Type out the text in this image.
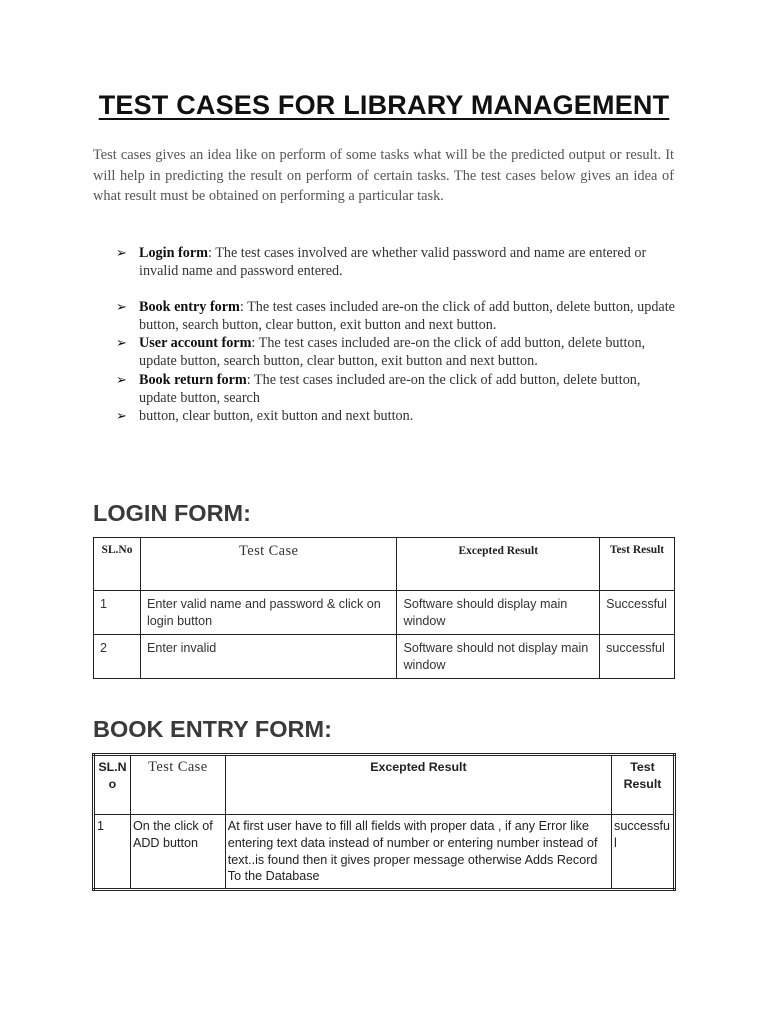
TEST CASES FOR LIBRARY MANAGEMENT

Test cases gives an idea like on perform of some tasks what will be the predicted output or result. It will help in predicting the result on perform of certain tasks. The test cases below gives an idea of what result must be obtained on performing a particular task.

➢ Login form: The test cases involved are whether valid password and name are entered or invalid name and password entered.
➢ Book entry form: The test cases included are-on the click of add button, delete button, update button, search button, clear button, exit button and next button.
➢ User account form: The test cases included are-on the click of add button, delete button, update button, search button, clear button, exit button and next button.
➢ Book return form: The test cases included are-on the click of add button, delete button, update button, search
➢ button, clear button, exit button and next button.
LOGIN FORM:
SL.No	Test Case	Excepted Result	Test Result
1	Enter valid name and password & click on login button	Software should display main window	Successful
2	Enter invalid	Software should not display main window	successful
BOOK ENTRY FORM:
SL.No	Test Case	Excepted Result	Test Result
1	On the click of ADD button	At first user have to fill all fields with proper data , if any Error like entering text data instead of number or entering number instead of text..is found then it gives proper message otherwise Adds Record To the Database	successful
